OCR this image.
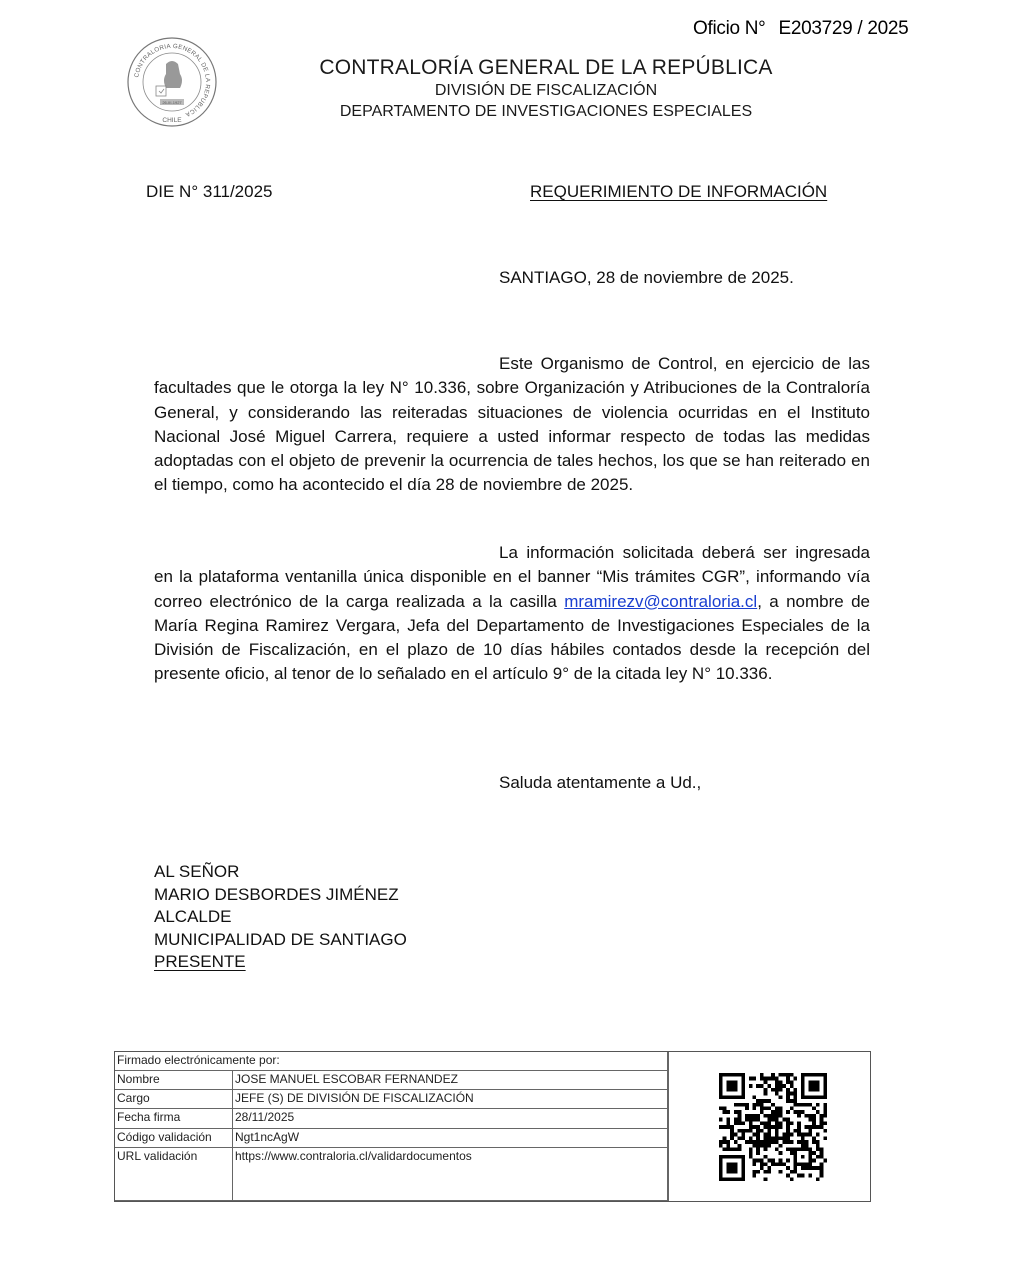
Oficio N° E203729 / 2025
CONTRALORIA GENERAL DE LA REPUBLICA
CHILE
26-III-1927
CONTRALORÍA GENERAL DE LA REPÚBLICA
DIVISIÓN DE FISCALIZACIÓN
DEPARTAMENTO DE INVESTIGACIONES ESPECIALES
DIE N° 311/2025	REQUERIMIENTO DE INFORMACIÓN
SANTIAGO, 28 de noviembre de 2025.
Este Organismo de Control, en ejercicio de las facultades que le otorga la ley N° 10.336, sobre Organización y Atribuciones de la Contraloría General, y considerando las reiteradas situaciones de violencia ocurridas en el Instituto Nacional José Miguel Carrera, requiere a usted informar respecto de todas las medidas adoptadas con el objeto de prevenir la ocurrencia de tales hechos, los que se han reiterado en el tiempo, como ha acontecido el día 28 de noviembre de 2025.
La información solicitada deberá ser ingresada en la plataforma ventanilla única disponible en el banner “Mis trámites CGR”, informando vía correo electrónico de la carga realizada a la casilla mramirezv@contraloria.cl, a nombre de María Regina Ramirez Vergara, Jefa del Departamento de Investigaciones Especiales de la División de Fiscalización, en el plazo de 10 días hábiles contados desde la recepción del presente oficio, al tenor de lo señalado en el artículo 9° de la citada ley N° 10.336.
Saluda atentamente a Ud.,
AL SEÑOR
MARIO DESBORDES JIMÉNEZ
ALCALDE
MUNICIPALIDAD DE SANTIAGO
PRESENTE
Firmado electrónicamente por:	
Nombre	JOSE MANUEL ESCOBAR FERNANDEZ
Cargo	JEFE (S) DE DIVISIÓN DE FISCALIZACIÓN
Fecha firma	28/11/2025
Código validación	Ngt1ncAgW
URL validación	https://www.contraloria.cl/validardocumentos
